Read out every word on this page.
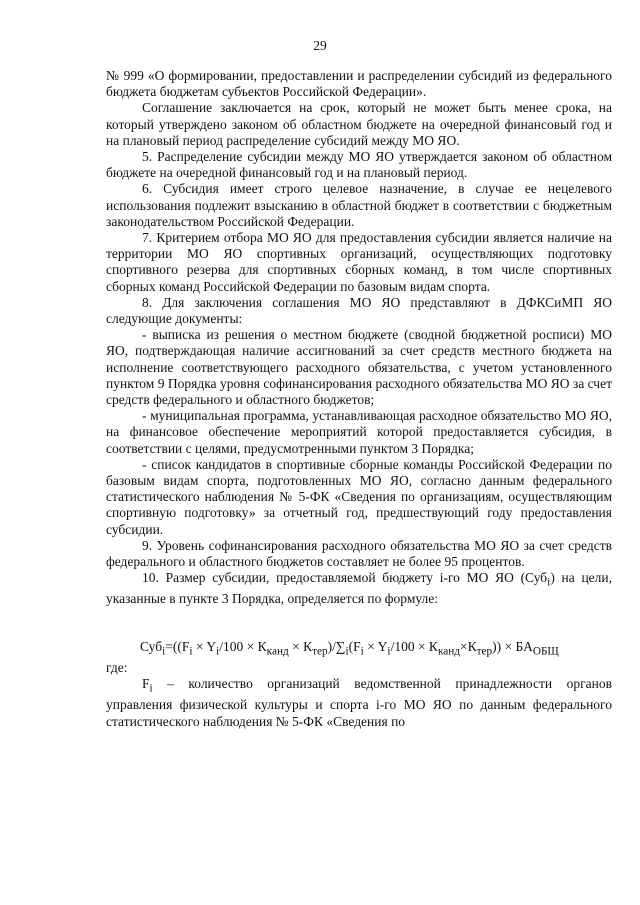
29

№ 999 «О формировании, предоставлении и распределении субсидий из федерального бюджета бюджетам субъектов Российской Федерации».

Соглашение заключается на срок, который не может быть менее срока, на который утверждено законом об областном бюджете на очередной финансовый год и на плановый период распределение субсидий между МО ЯО.

5. Распределение субсидии между МО ЯО утверждается законом об областном бюджете на очередной финансовый год и на плановый период.

6. Субсидия имеет строго целевое назначение, в случае ее нецелевого использования подлежит взысканию в областной бюджет в соответствии с бюджетным законодательством Российской Федерации.

7. Критерием отбора МО ЯО для предоставления субсидии является наличие на территории МО ЯО спортивных организаций, осуществляющих подготовку спортивного резерва для спортивных сборных команд, в том числе спортивных сборных команд Российской Федерации по базовым видам спорта.

8. Для заключения соглашения МО ЯО представляют в ДФКСиМП ЯО следующие документы:

- выписка из решения о местном бюджете (сводной бюджетной росписи) МО ЯО, подтверждающая наличие ассигнований за счет средств местного бюджета на исполнение соответствующего расходного обязательства, с учетом установленного пунктом 9 Порядка уровня софинансирования расходного обязательства МО ЯО за счет средств федерального и областного бюджетов;

- муниципальная программа, устанавливающая расходное обязательство МО ЯО, на финансовое обеспечение мероприятий которой предоставляется субсидия, в соответствии с целями, предусмотренными пунктом 3 Порядка;

- список кандидатов в спортивные сборные команды Российской Федерации по базовым видам спорта, подготовленных МО ЯО, согласно данным федерального статистического наблюдения № 5-ФК «Сведения по организациям, осуществляющим спортивную подготовку» за отчетный год, предшествующий году предоставления субсидии.

9. Уровень софинансирования расходного обязательства МО ЯО за счет средств федерального и областного бюджетов составляет не более 95 процентов.

10. Размер субсидии, предоставляемой бюджету i-го МО ЯО (Суб$_i$) на цели, указанные в пункте 3 Порядка, определяется по формуле:

$Суб_i=((F_i \times Y_i/100 \times К_{канд} \times К_{тер})/\sum_i(F_i \times Y_i/100 \times К_{канд}\times К_{тер})) \times БА_{ОБЩ}$

где:

$F_i$ – количество организаций ведомственной принадлежности органов управления физической культуры и спорта i-го МО ЯО по данным федерального статистического наблюдения № 5-ФК «Сведения по
